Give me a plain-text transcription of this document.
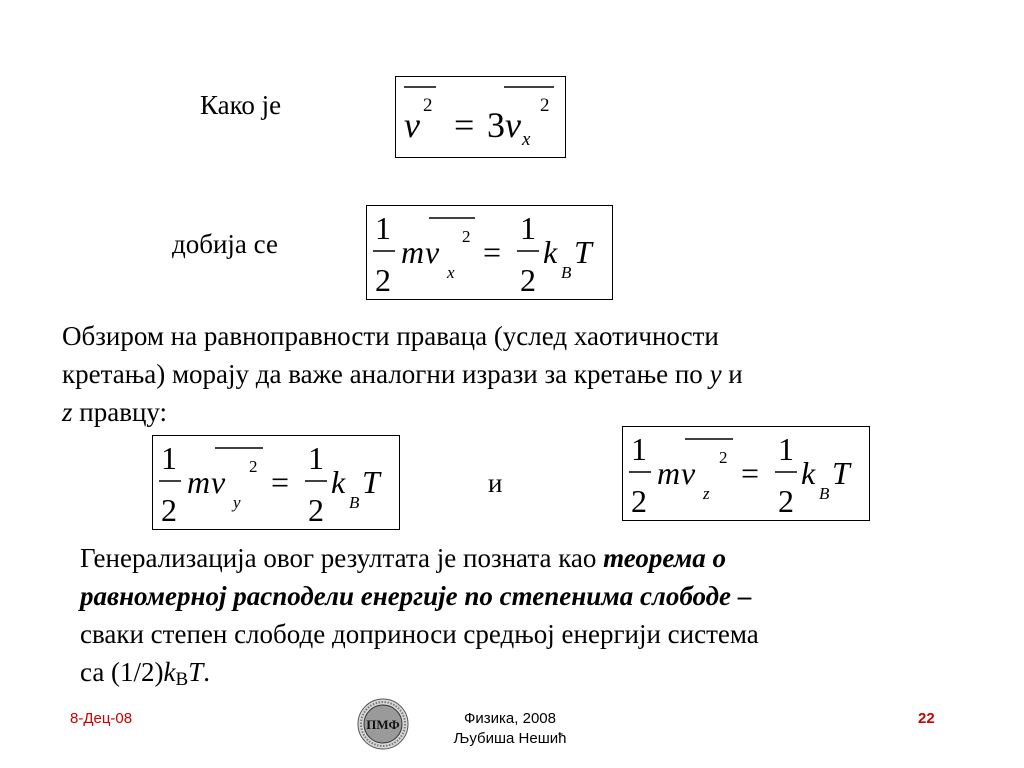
Како је	v 2 = 3 v x
2
добија се	1
2
m v
x
2 =
1
2
k
B
T
Обзиром на равноправности праваца (услед хаотичности
кретања) морају да важе аналогни изрази за кретање по y и
z правцу:
1
2
m v
y
2 =
1
2
k
B
T	и
1
2
m v
z
2 =
1
2
k
B
T
Генерализација овог резултата је позната као теорема о
равномерној расподели енергије по степенима слободе –
сваки степен слободе доприноси средњој енергији система
са (1/2)kBT.
8-Дец-08	ПМФ	Физика, 2008
Љубиша Нешић
22
